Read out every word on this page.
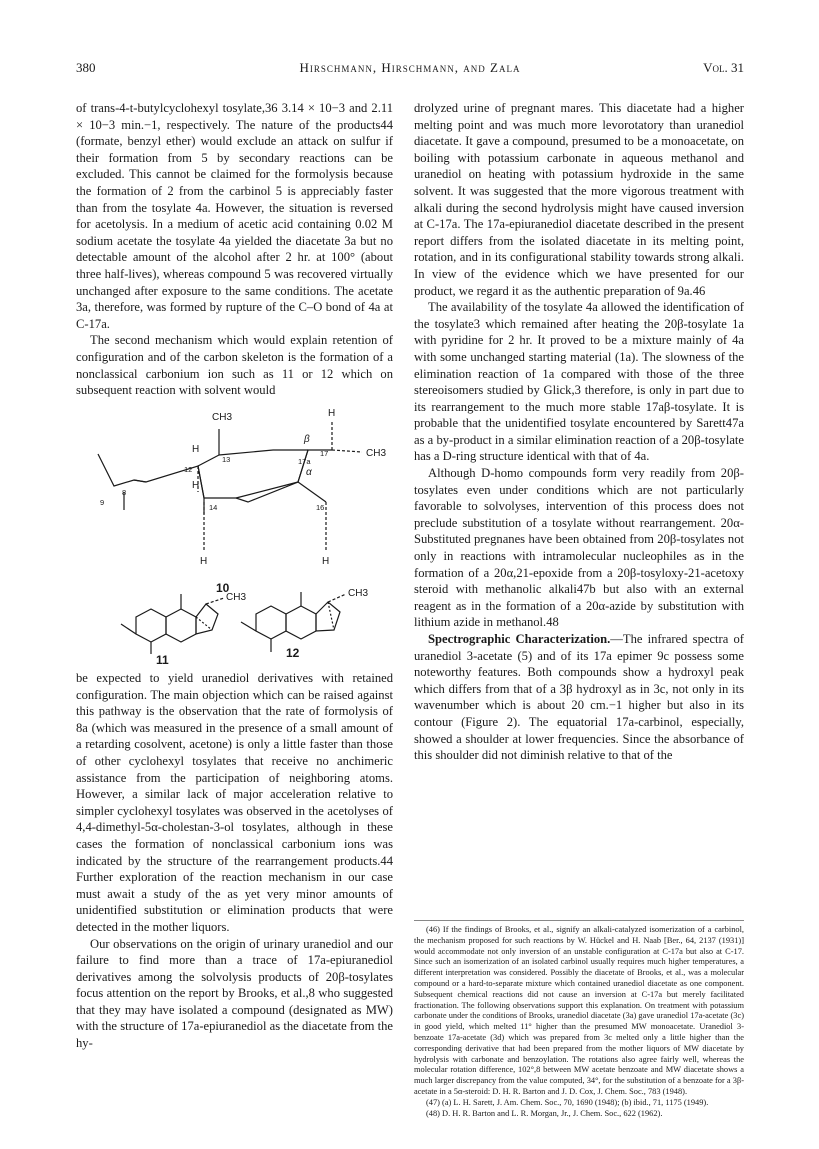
380	Hirschmann, Hirschmann, and Zala	Vol. 31

of trans-4-t-butylcyclohexyl tosylate,36 3.14 × 10−3 and 2.11 × 10−3 min.−1, respectively. The nature of the products44 (formate, benzyl ether) would exclude an attack on sulfur if their formation from 5 by secondary reactions can be excluded. This cannot be claimed for the formolysis because the formation of 2 from the carbinol 5 is appreciably faster than from the tosylate 4a. However, the situation is reversed for acetolysis. In a medium of acetic acid containing 0.02 M sodium acetate the tosylate 4a yielded the diacetate 3a but no detectable amount of the alcohol after 2 hr. at 100° (about three half-lives), whereas compound 5 was recovered virtually unchanged after exposure to the same conditions. The acetate 3a, therefore, was formed by rupture of the C–O bond of 4a at C-17a.

The second mechanism which would explain retention of configuration and of the carbon skeleton is the formation of a nonclassical carbonium ion such as 11 or 12 which on subsequent reaction with solvent would

CH3	H
β
α
CH3
H
12
H
13	17a
17
9
8
14	16
H	H
10
CH3
11
CH3
12

be expected to yield uranediol derivatives with retained configuration. The main objection which can be raised against this pathway is the observation that the rate of formolysis of 8a (which was measured in the presence of a small amount of a retarding cosolvent, acetone) is only a little faster than those of other cyclohexyl tosylates that receive no anchimeric assistance from the participation of neighboring atoms. However, a similar lack of major acceleration relative to simpler cyclohexyl tosylates was observed in the acetolyses of 4,4-dimethyl-5α-cholestan-3-ol tosylates, although in these cases the formation of nonclassical carbonium ions was indicated by the structure of the rearrangement products.44 Further exploration of the reaction mechanism in our case must await a study of the as yet very minor amounts of unidentified substitution or elimination products that were detected in the mother liquors.

Our observations on the origin of urinary uranediol and our failure to find more than a trace of 17a-epiuranediol derivatives among the solvolysis products of 20β-tosylates focus attention on the report by Brooks, et al.,8 who suggested that they may have isolated a compound (designated as MW) with the structure of 17a-epiuranediol as the diacetate from the hy-

drolyzed urine of pregnant mares. This diacetate had a higher melting point and was much more levorotatory than uranediol diacetate. It gave a compound, presumed to be a monoacetate, on boiling with potassium carbonate in aqueous methanol and uranediol on heating with potassium hydroxide in the same solvent. It was suggested that the more vigorous treatment with alkali during the second hydrolysis might have caused inversion at C-17a. The 17a-epiuranediol diacetate described in the present report differs from the isolated diacetate in its melting point, rotation, and in its configurational stability towards strong alkali. In view of the evidence which we have presented for our product, we regard it as the authentic preparation of 9a.46

The availability of the tosylate 4a allowed the identification of the tosylate3 which remained after heating the 20β-tosylate 1a with pyridine for 2 hr. It proved to be a mixture mainly of 4a with some unchanged starting material (1a). The slowness of the elimination reaction of 1a compared with those of the three stereoisomers studied by Glick,3 therefore, is only in part due to its rearrangement to the much more stable 17aβ-tosylate. It is probable that the unidentified tosylate encountered by Sarett47a as a by-product in a similar elimination reaction of a 20β-tosylate has a D-ring structure identical with that of 4a.

Although D-homo compounds form very readily from 20β-tosylates even under conditions which are not particularly favorable to solvolyses, intervention of this process does not preclude substitution of a tosylate without rearrangement. 20α-Substituted pregnanes have been obtained from 20β-tosylates not only in reactions with intramolecular nucleophiles as in the formation of a 20α,21-epoxide from a 20β-tosyloxy-21-acetoxy steroid with methanolic alkali47b but also with an external reagent as in the formation of a 20α-azide by substitution with lithium azide in methanol.48

Spectrographic Characterization.—The infrared spectra of uranediol 3-acetate (5) and of its 17a epimer 9c possess some noteworthy features. Both compounds show a hydroxyl peak which differs from that of a 3β hydroxyl as in 3c, not only in its wavenumber which is about 20 cm.−1 higher but also in its contour (Figure 2). The equatorial 17a-carbinol, especially, showed a shoulder at lower frequencies. Since the absorbance of this shoulder did not diminish relative to that of the

(46) If the findings of Brooks, et al., signify an alkali-catalyzed isomerization of a carbinol, the mechanism proposed for such reactions by W. Hückel and H. Naab [Ber., 64, 2137 (1931)] would accommodate not only inversion of an unstable configuration at C-17a but also at C-17. Since such an isomerization of an isolated carbinol usually requires much higher temperatures, a different interpretation was considered. Possibly the diacetate of Brooks, et al., was a molecular compound or a hard-to-separate mixture which contained uranediol diacetate as one component. Subsequent chemical reactions did not cause an inversion at C-17a but merely facilitated fractionation. The following observations support this explanation. On treatment with potassium carbonate under the conditions of Brooks, uranediol diacetate (3a) gave uranediol 17a-acetate (3c) in good yield, which melted 11° higher than the presumed MW monoacetate. Uranediol 3-benzoate 17a-acetate (3d) which was prepared from 3c melted only a little higher than the corresponding derivative that had been prepared from the mother liquors of MW diacetate by hydrolysis with carbonate and benzoylation. The rotations also agree fairly well, whereas the molecular rotation difference, 102°,8 between MW acetate benzoate and MW diacetate shows a much larger discrepancy from the value computed, 34°, for the substitution of a benzoate for a 3β-acetate in a 5α-steroid: D. H. R. Barton and J. D. Cox, J. Chem. Soc., 783 (1948).

(47) (a) L. H. Sarett, J. Am. Chem. Soc., 70, 1690 (1948); (b) ibid., 71, 1175 (1949).

(48) D. H. R. Barton and L. R. Morgan, Jr., J. Chem. Soc., 622 (1962).
